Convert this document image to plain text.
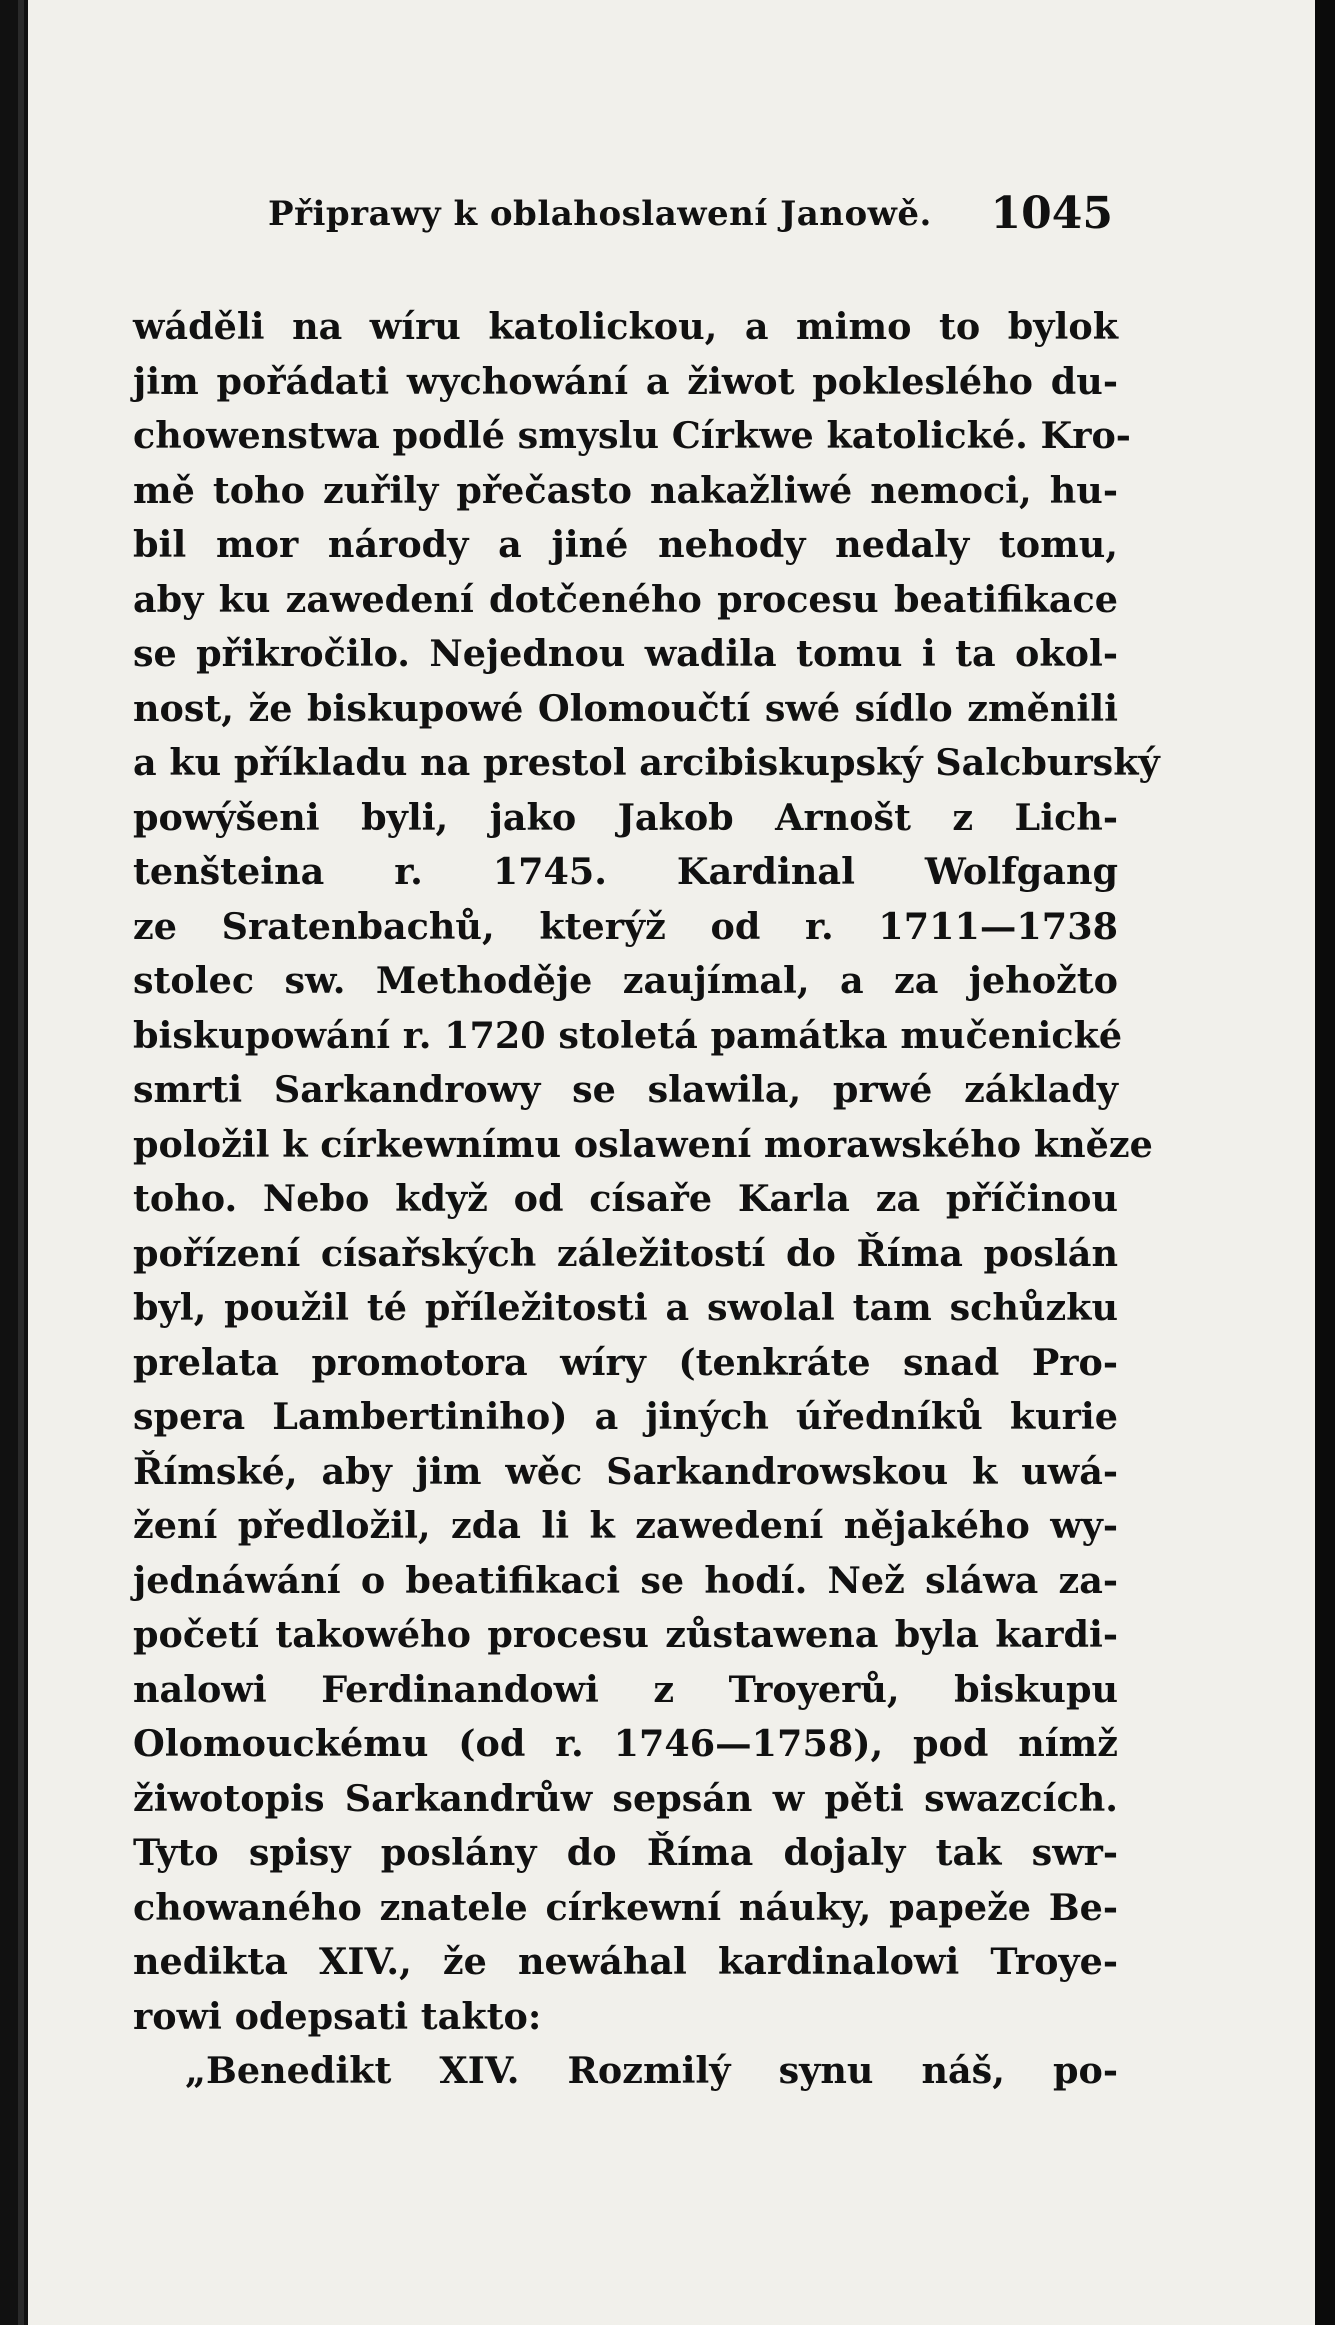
Připrawy k oblahoslawení Janowě. 1045
wáděli na wíru katolickou, a mimo to bylok
jim pořádati wychowání a žiwot pokleslého du-
chowenstwa podlé smyslu Církwe katolické. Kro-
mě toho zuřily přečasto nakažliwé nemoci, hu-
bil mor národy a jiné nehody nedaly tomu,
aby ku zawedení dotčeného procesu beatifikace
se přikročilo. Nejednou wadila tomu i ta okol-
nost, že biskupowé Olomoučtí swé sídlo změnili
a ku příkladu na prestol arcibiskupský Salcburský
powýšeni byli, jako Jakob Arnošt z Lich-
tenšteina r. 1745. Kardinal Wolfgang
ze Sratenbachů, kterýž od r. 1711—1738
stolec sw. Methoděje zaujímal, a za jehožto
biskupowání r. 1720 stoletá památka mučenické
smrti Sarkandrowy se slawila, prwé základy
položil k církewnímu oslawení morawského kněze
toho. Nebo když od císaře Karla za příčinou
pořízení císařských záležitostí do Říma poslán
byl, použil té příležitosti a swolal tam schůzku
prelata promotora wíry (tenkráte snad Pro-
spera Lambertiniho) a jiných úředníků kurie
Římské, aby jim wěc Sarkandrowskou k uwá-
žení předložil, zda li k zawedení nějakého wy-
jednáwání o beatifikaci se hodí. Než sláwa za-
početí takowého procesu zůstawena byla kardi-
nalowi Ferdinandowi z Troyerů, biskupu
Olomouckému (od r. 1746—1758), pod nímž
žiwotopis Sarkandrůw sepsán w pěti swazcích.
Tyto spisy poslány do Říma dojaly tak swr-
chowaného znatele církewní náuky, papeže Be-
nedikta XIV., že newáhal kardinalowi Troye-
rowi odepsati takto:
„Benedikt XIV. Rozmilý synu náš, po-
